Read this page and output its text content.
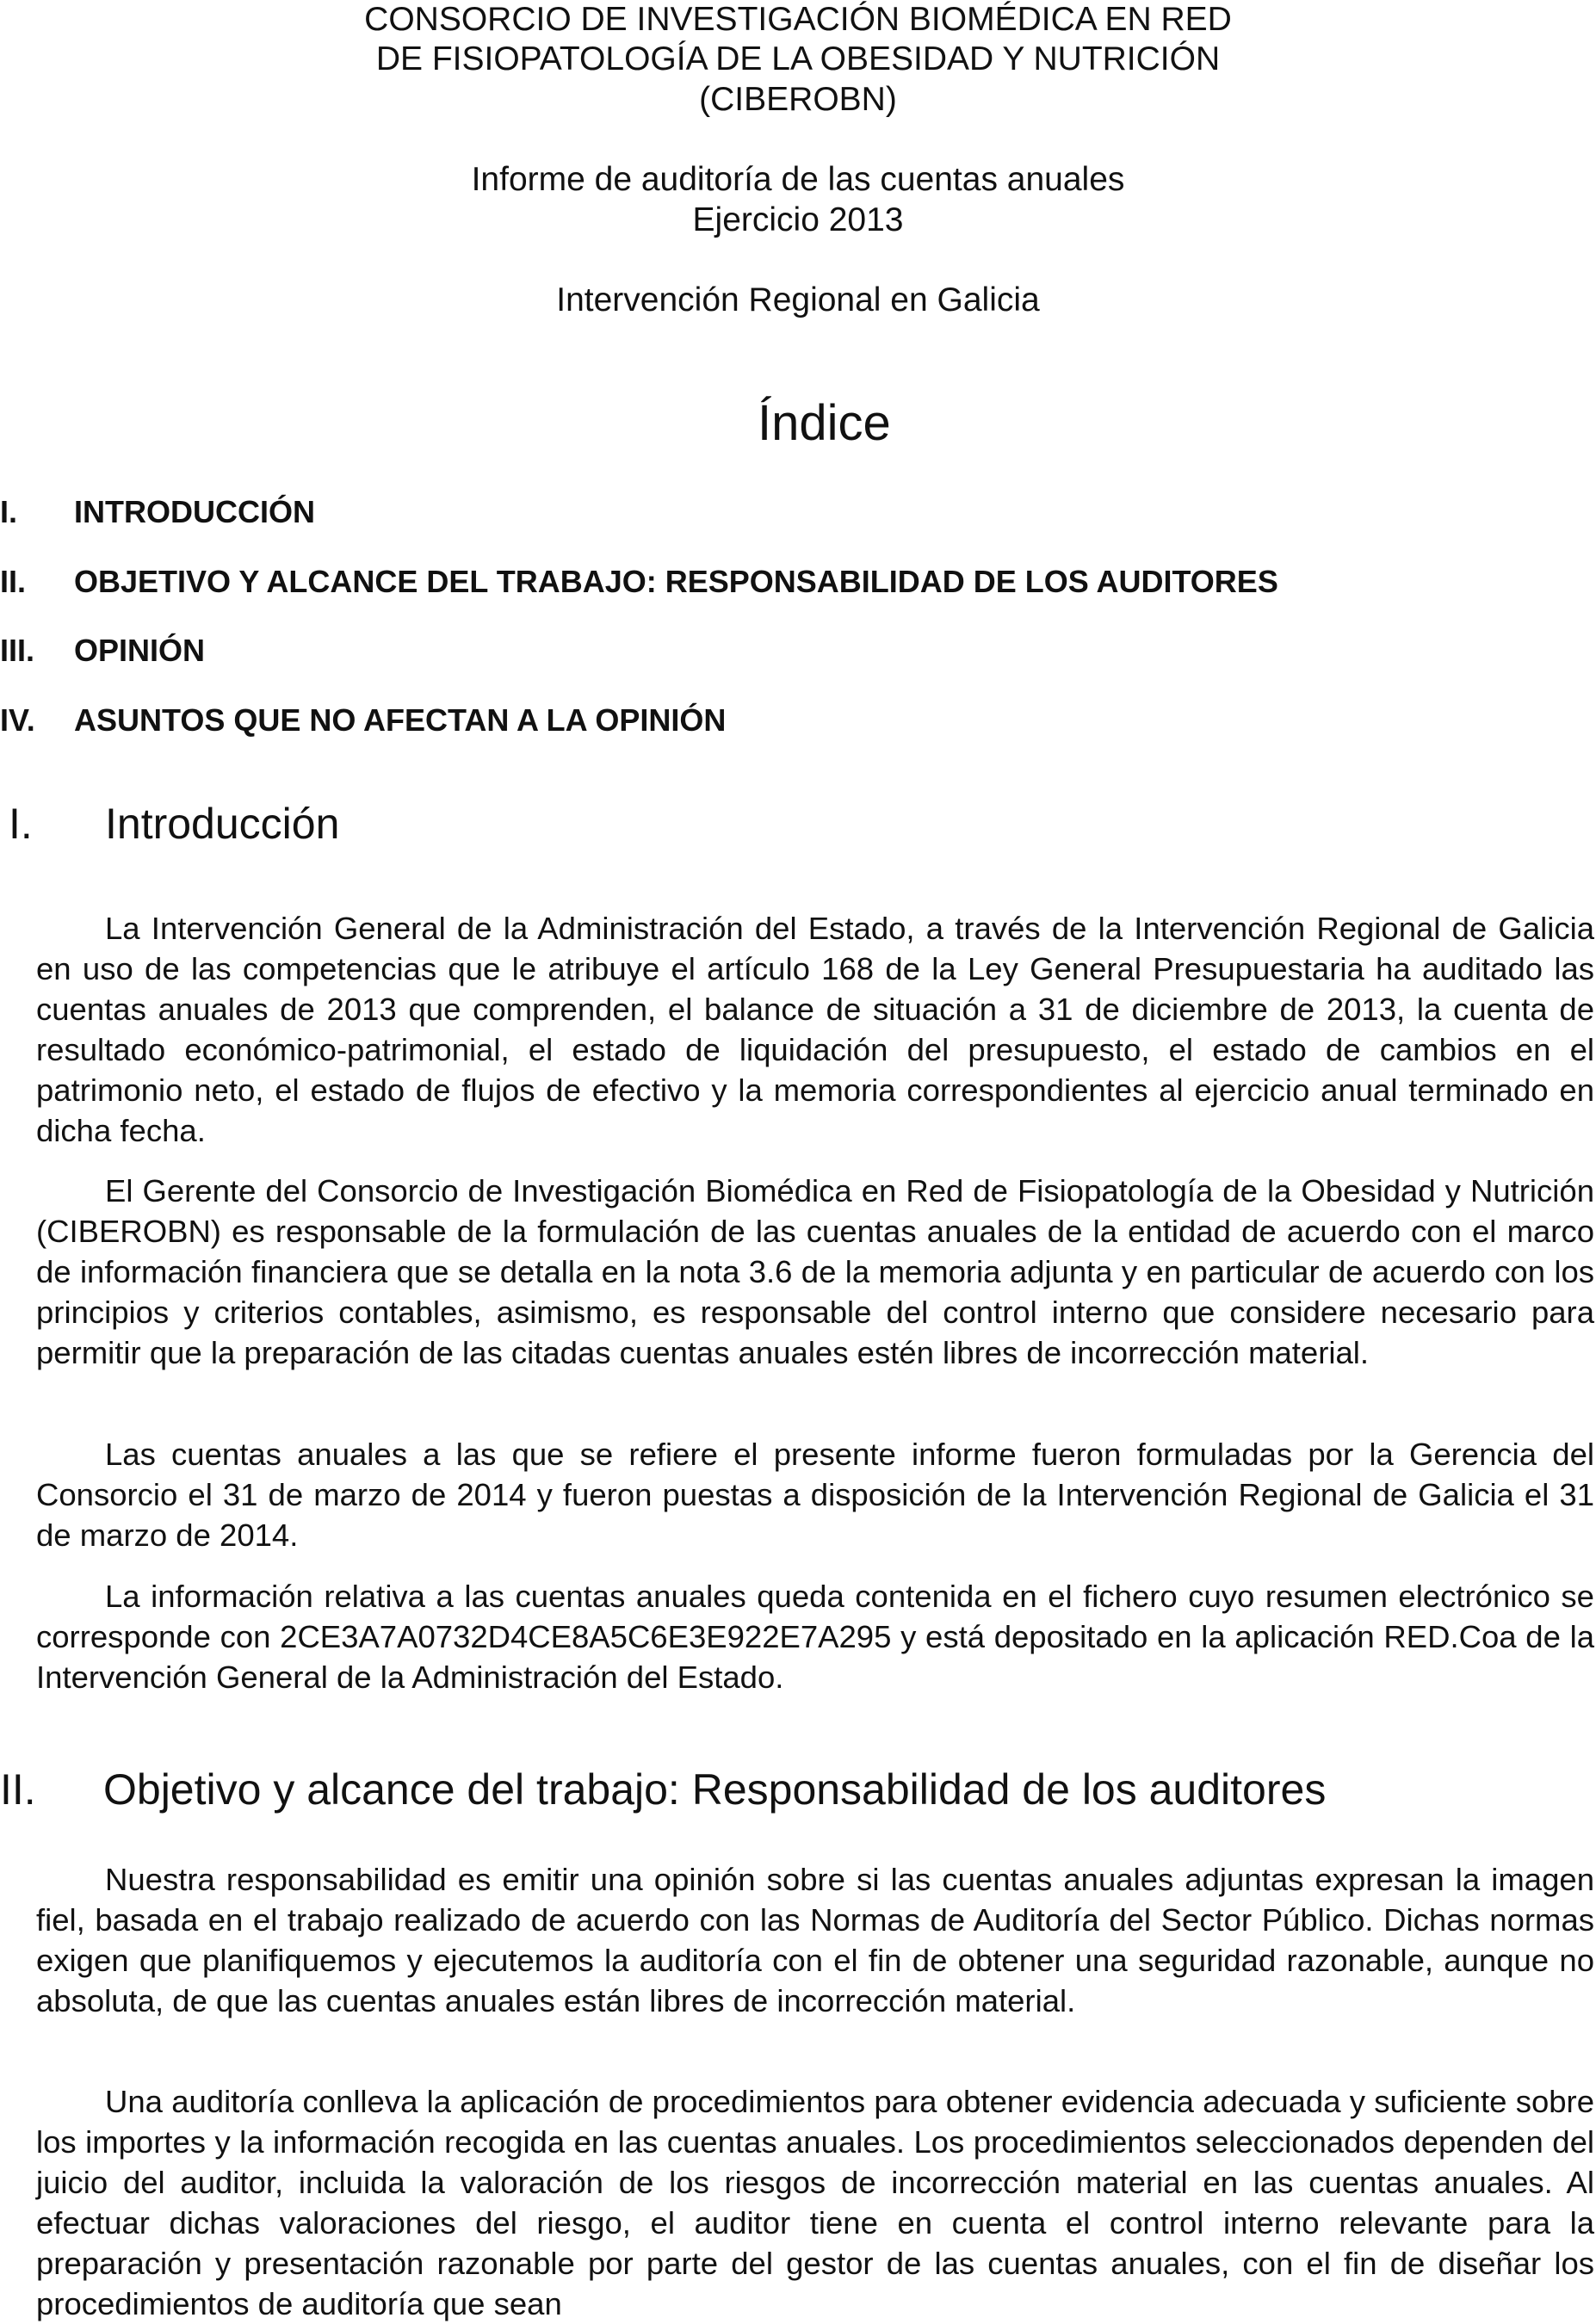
CONSORCIO DE INVESTIGACIÓN BIOMÉDICA EN RED
DE FISIOPATOLOGÍA DE LA OBESIDAD Y NUTRICIÓN
(CIBEROBN)
Informe de auditoría de las cuentas anuales
Ejercicio 2013
Intervención Regional en Galicia
Índice
I. INTRODUCCIÓN
II. OBJETIVO Y ALCANCE DEL TRABAJO: RESPONSABILIDAD DE LOS AUDITORES
III. OPINIÓN
IV. ASUNTOS QUE NO AFECTAN A LA OPINIÓN
I. Introducción

La Intervención General de la Administración del Estado, a través de la Intervención Regional de Galicia en uso de las competencias que le atribuye el artículo 168 de la Ley General Presupuestaria ha auditado las cuentas anuales de 2013 que comprenden, el balance de situación a 31 de diciembre de 2013, la cuenta de resultado económico-patrimonial, el estado de liquidación del presupuesto, el estado de cambios en el patrimonio neto, el estado de flujos de efectivo y la memoria correspondientes al ejercicio anual terminado en dicha fecha.

El Gerente del Consorcio de Investigación Biomédica en Red de Fisiopatología de la Obesidad y Nutrición (CIBEROBN) es responsable de la formulación de las cuentas anuales de la entidad de acuerdo con el marco de información financiera que se detalla en la nota 3.6 de la memoria adjunta y en particular de acuerdo con los principios y criterios contables, asimismo, es responsable del control interno que considere necesario para permitir que la preparación de las citadas cuentas anuales estén libres de incorrección material.

Las cuentas anuales a las que se refiere el presente informe fueron formuladas por la Gerencia del Consorcio el 31 de marzo de 2014 y fueron puestas a disposición de la Intervención Regional de Galicia el 31 de marzo de 2014.

La información relativa a las cuentas anuales queda contenida en el fichero cuyo resumen electrónico se corresponde con 2CE3A7A0732D4CE8A5C6E3E922E7A295 y está depositado en la aplicación RED.Coa de la Intervención General de la Administración del Estado.

II. Objetivo y alcance del trabajo: Responsabilidad de los auditores

Nuestra responsabilidad es emitir una opinión sobre si las cuentas anuales adjuntas expresan la imagen fiel, basada en el trabajo realizado de acuerdo con las Normas de Auditoría del Sector Público. Dichas normas exigen que planifiquemos y ejecutemos la auditoría con el fin de obtener una seguridad razonable, aunque no absoluta, de que las cuentas anuales están libres de incorrección material.

Una auditoría conlleva la aplicación de procedimientos para obtener evidencia adecuada y suficiente sobre los importes y la información recogida en las cuentas anuales. Los procedimientos seleccionados dependen del juicio del auditor, incluida la valoración de los riesgos de incorrección material en las cuentas anuales. Al efectuar dichas valoraciones del riesgo, el auditor tiene en cuenta el control interno relevante para la preparación y presentación razonable por parte del gestor de las cuentas anuales, con el fin de diseñar los procedimientos de auditoría que sean
